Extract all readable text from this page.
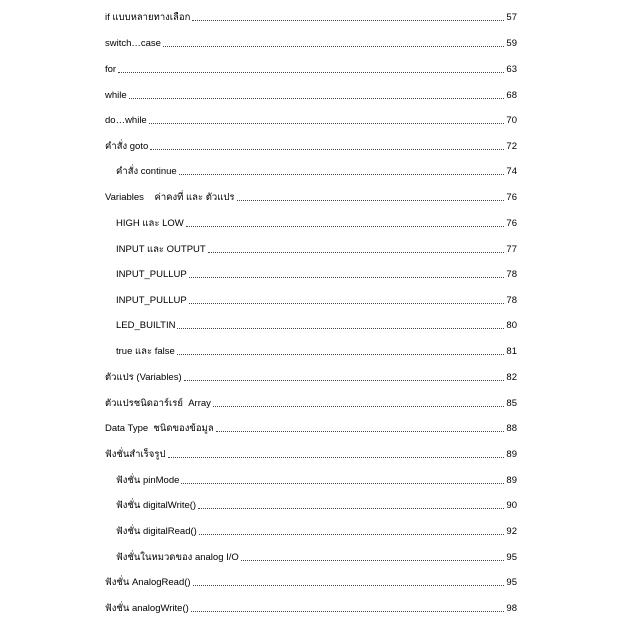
if แบบหลายทางเลือก	57
switch…case	59
for	63
while	68
do…while	70
คำสั่ง goto	72
คำสั่ง continue	74
Variables    ค่าคงที่ และ ตัวแปร	76
HIGH และ LOW	76
INPUT และ OUTPUT	77
INPUT_PULLUP	78
INPUT_PULLUP	78
LED_BUILTIN	80
true และ false	81
ตัวแปร (Variables)	82
ตัวแปรชนิดอาร์เรย์  Array	85
Data Type  ชนิดของข้อมูล	88
ฟังชั่นสำเร็จรูป	89
ฟังชั่น pinMode	89
ฟังชั่น digitalWrite()	90
ฟังชั่น digitalRead()	92
ฟังชั่นในหมวดของ analog I/O	95
ฟังชั่น AnalogRead()	95
ฟังชั่น analogWrite()	98
